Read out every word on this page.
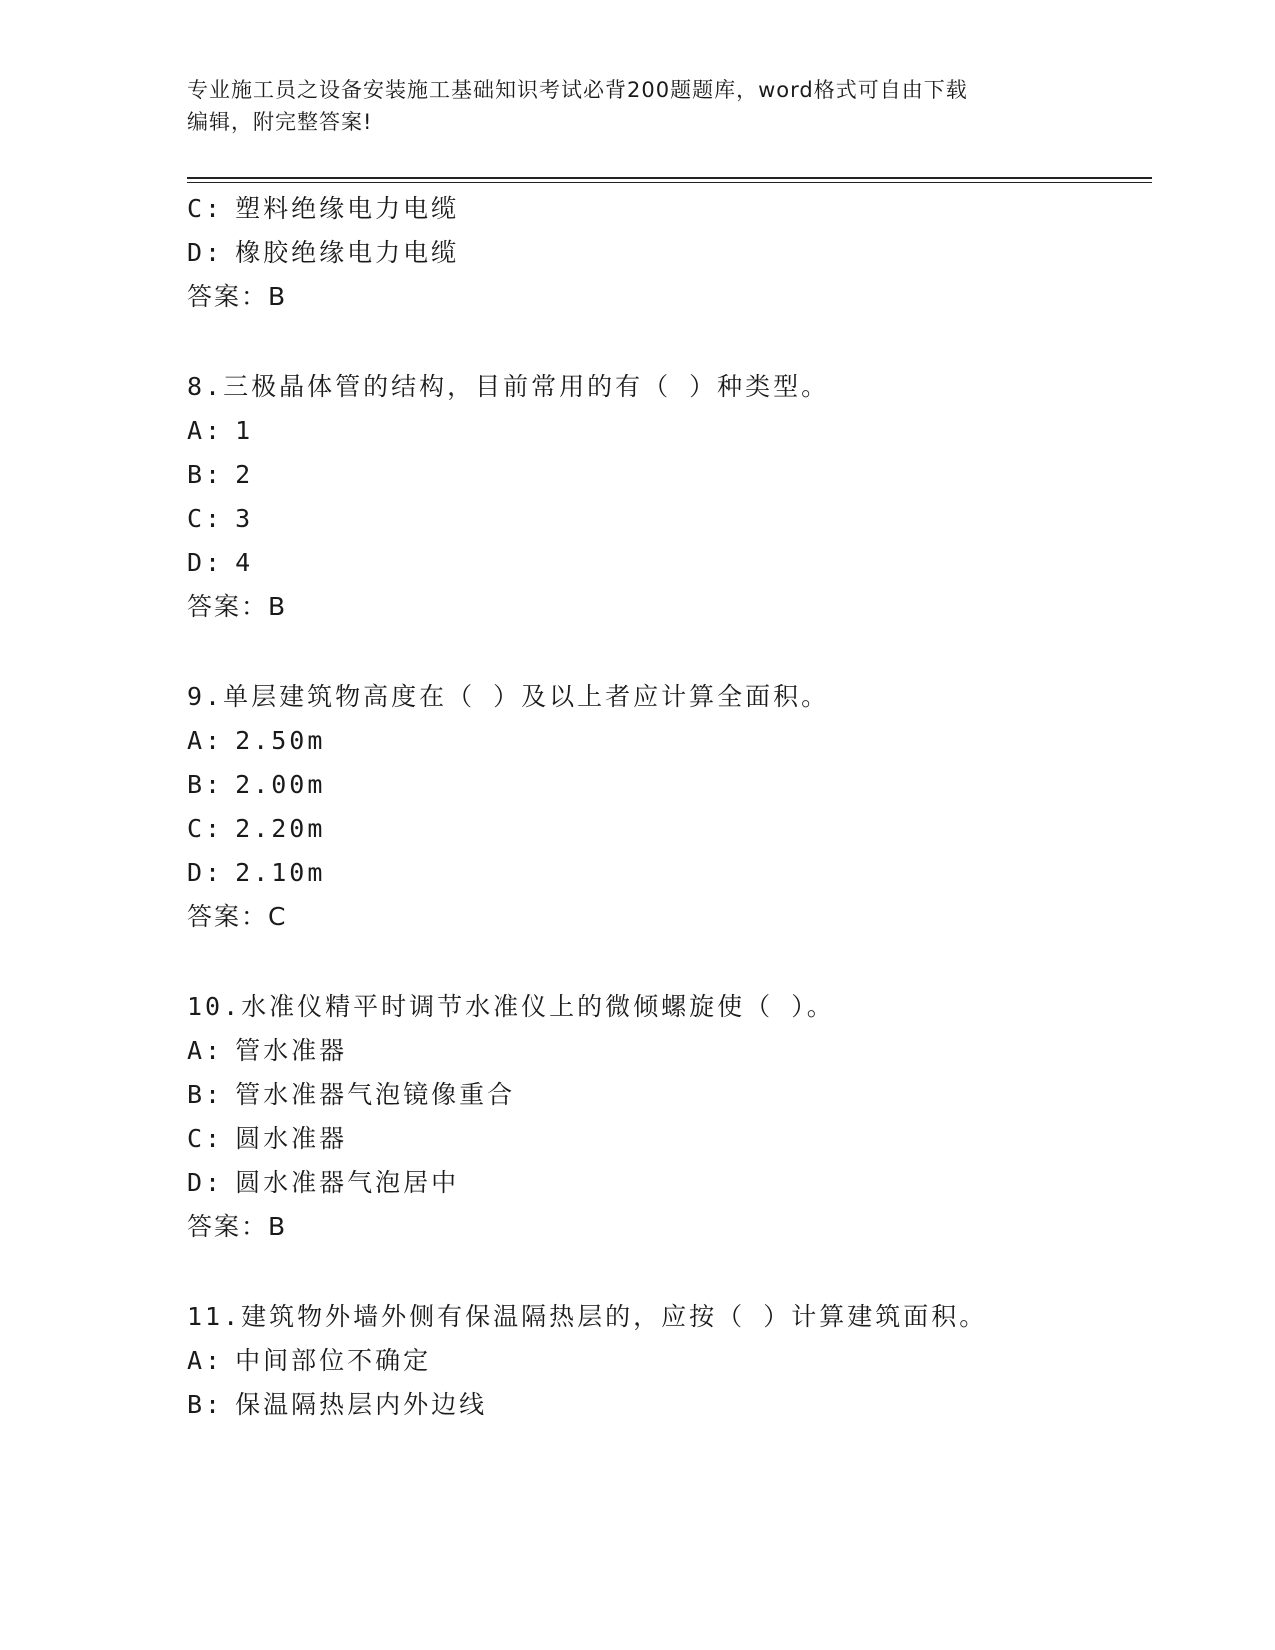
专业施工员之设备安装施工基础知识考试必背200题题库，word格式可自由下载
编辑，附完整答案!
C: 塑料绝缘电力电缆
D: 橡胶绝缘电力电缆
答案：B
8.三极晶体管的结构，目前常用的有（ ）种类型。
A: 1
B: 2
C: 3
D: 4
答案：B
9.单层建筑物高度在（ ）及以上者应计算全面积。
A: 2.50m
B: 2.00m
C: 2.20m
D: 2.10m
答案：C
10.水准仪精平时调节水准仪上的微倾螺旋使（ ）。
A: 管水准器
B: 管水准器气泡镜像重合
C: 圆水准器
D: 圆水准器气泡居中
答案：B
11.建筑物外墙外侧有保温隔热层的，应按（ ）计算建筑面积。
A: 中间部位不确定
B: 保温隔热层内外边线
